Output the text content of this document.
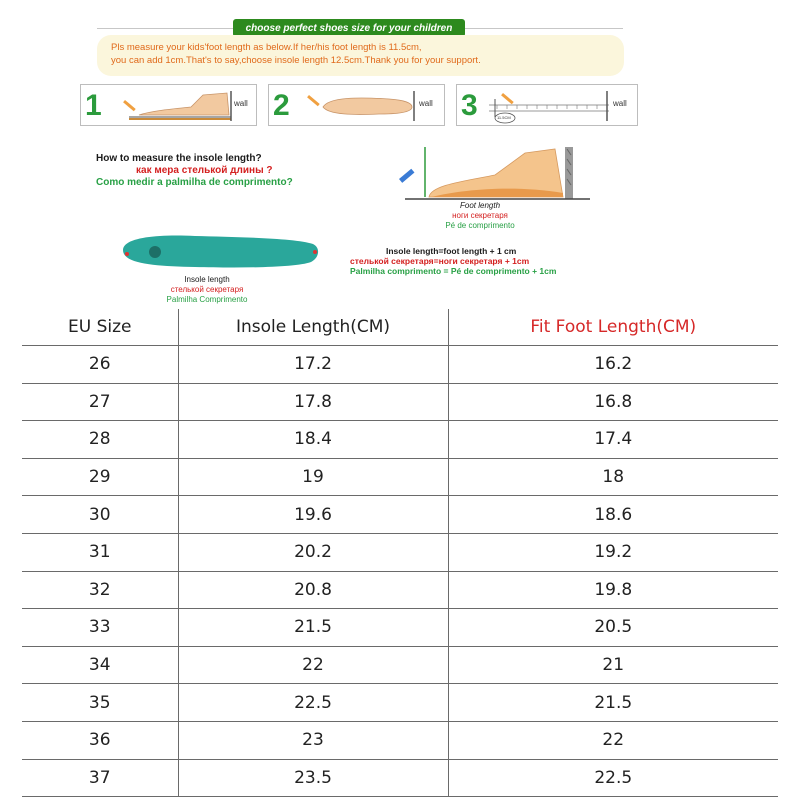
choose perfect shoes size for your children
Pls measure your kids'foot length as below.If her/his foot length is 11.5cm,
you can add 1cm.That's to say,choose insole length 12.5cm.Thank you for your support.
1	wall 2	wall 3	11.5CM
wall
How to measure the insole length?
как мера стелькой длины ?
Como medir a palmilha de comprimento?
Foot length
ноги секретаря
Pé de comprimento
Insole length
стелькой секретаря
Palmilha Comprimento
Insole length=foot length + 1 cm
стелькой секретаря=ноги секретаря + 1cm
Palmilha comprimento = Pé de comprimento + 1cm
EU Size	Insole Length(CM)	Fit Foot Length(CM)
26	17.2	16.2
27	17.8	16.8
28	18.4	17.4
29	19	18
30	19.6	18.6
31	20.2	19.2
32	20.8	19.8
33	21.5	20.5
34	22	21
35	22.5	21.5
36	23	22
37	23.5	22.5
